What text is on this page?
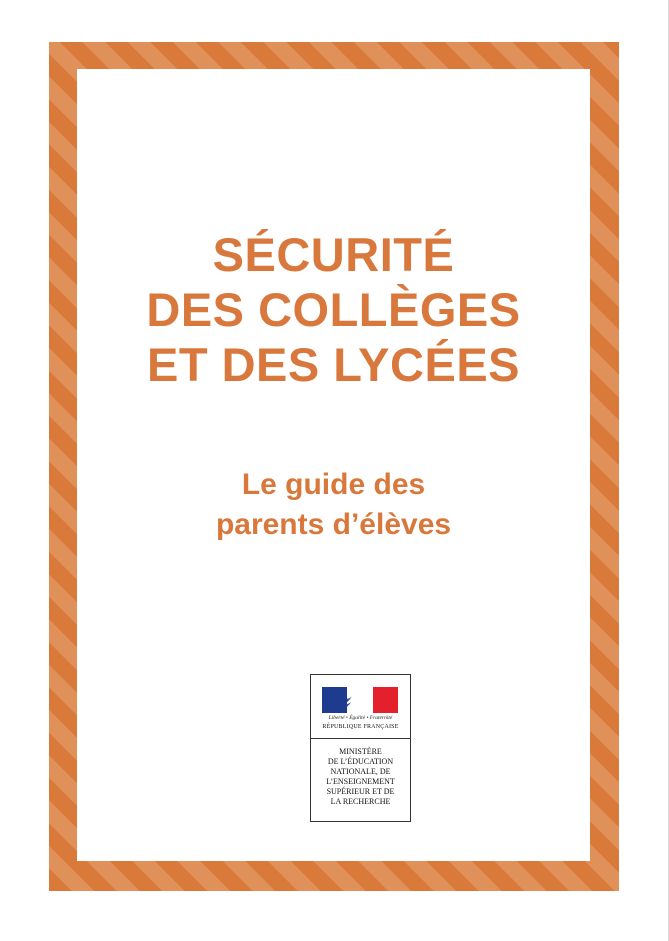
SÉCURITÉ
DES COLLÈGES
ET DES LYCÉES
Le guide des
parents d’élèves
Liberté • Égalité • Fraternité
RÉPUBLIQUE FRANÇAISE
MINISTÈRE
DE L’ÉDUCATION
NATIONALE, DE
L’ENSEIGNEMENT
SUPÉRIEUR ET DE
LA RECHERCHE
